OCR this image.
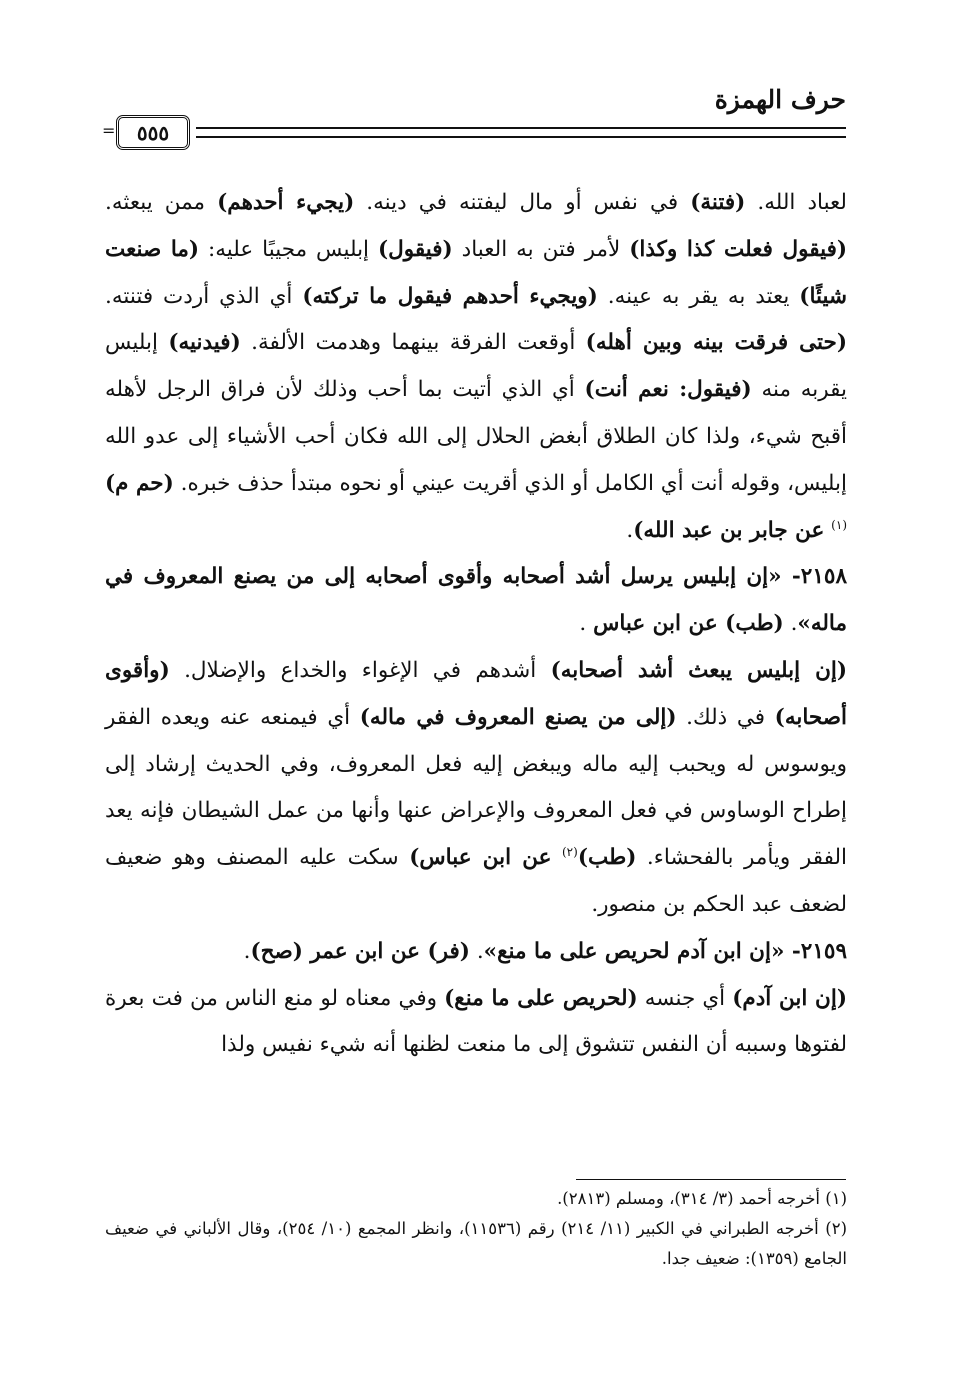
حرف الهمزة
=	٥٥٥

لعباد الله. (فتنة) في نفس أو مال ليفتنه في دينه. (يجيء أحدهم) ممن يبعثه. (فيقول فعلت كذا وكذا) لأمر فتن به العباد (فيقول) إبليس مجيبًا عليه: (ما صنعت شيئًا) يعتد به يقر به عينه. (ويجيء أحدهم فيقول ما تركته) أي الذي أردت فتنته. (حتى فرقت بينه وبين أهله) أوقعت الفرقة بينهما وهدمت الألفة. (فيدنيه) إبليس يقربه منه (فيقول: نعم أنت) أي الذي أتيت بما أحب وذلك لأن فراق الرجل لأهله أقبح شيء، ولذا كان الطلاق أبغض الحلال إلى الله فكان أحب الأشياء إلى عدو الله إبليس، وقوله أنت أي الكامل أو الذي أقريت عيني أو نحوه مبتدأ حذف خبره. (حم م)$^{(١)}$ عن جابر بن عبد الله).

٢١٥٨- «إن إبليس يرسل أشد أصحابه وأقوى أصحابه إلى من يصنع المعروف في ماله». (طب) عن ابن عباس .

(إن إبليس يبعث أشد أصحابه) أشدهم في الإغواء والخداع والإضلال. (وأقوى أصحابه) في ذلك. (إلى من يصنع المعروف في ماله) أي فيمنعه عنه ويعده الفقر ويوسوس له ويحبب إليه ماله ويبغض إليه فعل المعروف، وفي الحديث إرشاد إلى إطراح الوساوس في فعل المعروف والإعراض عنها وأنها من عمل الشيطان فإنه يعد الفقر ويأمر بالفحشاء. (طب)$^{(٢)}$ عن ابن عباس) سكت عليه المصنف وهو ضعيف لضعف عبد الحكم بن منصور.

٢١٥٩- «إن ابن آدم لحريص على ما منع». (فر) عن ابن عمر (صح).

(إن ابن آدم) أي جنسه (لحريص على ما منع) وفي معناه لو منع الناس من فت بعرة لفتوها وسببه أن النفس تتشوق إلى ما منعت لظنها أنه شيء نفيس ولذا

(١) أخرجه أحمد (٣/ ٣١٤)، ومسلم (٢٨١٣).

(٢) أخرجه الطبراني في الكبير (١١/ ٢١٤) رقم (١١٥٣٦)، وانظر المجمع (١٠/ ٢٥٤)، وقال الألباني في ضعيف الجامع (١٣٥٩): ضعيف جدا.
